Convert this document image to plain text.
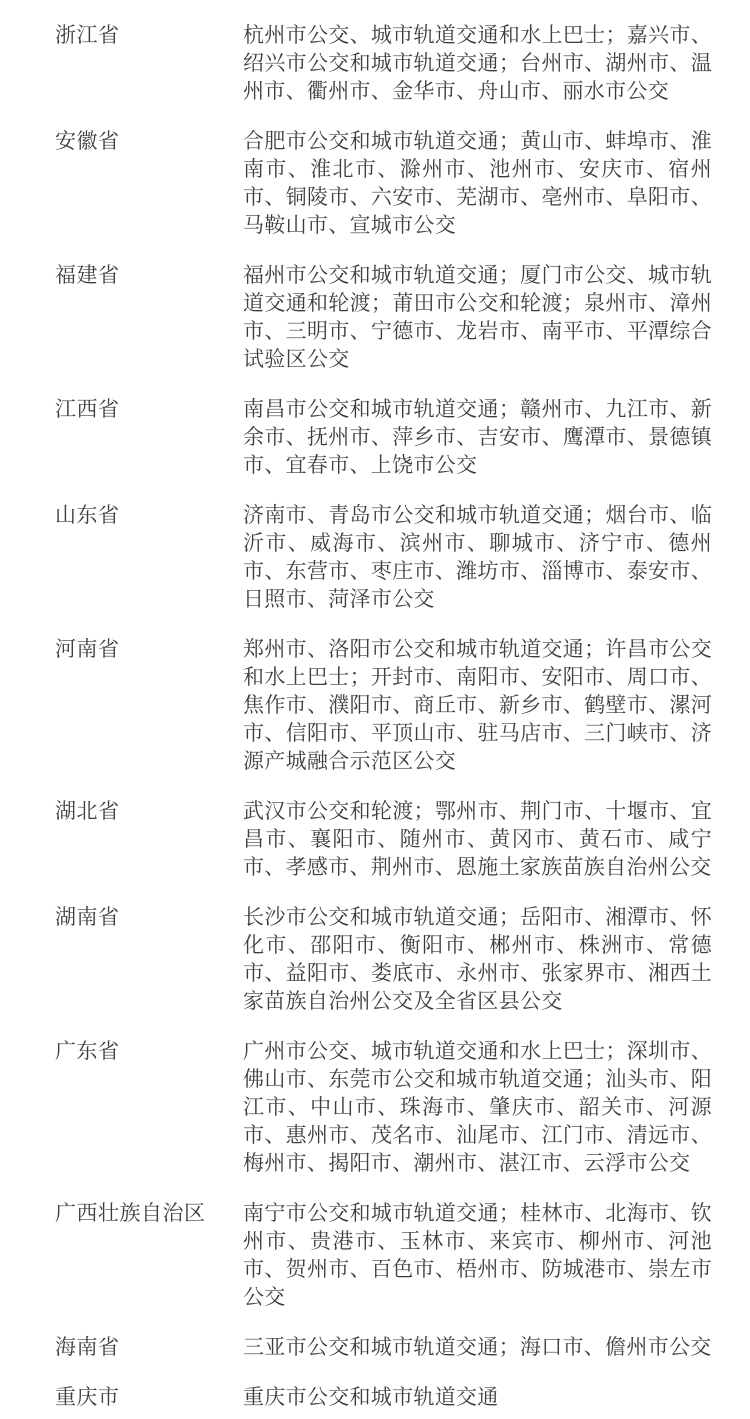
浙江省	杭州市公交、城市轨道交通和水上巴士；嘉兴市、绍兴市公交和城市轨道交通；台州市、湖州市、温州市、衢州市、金华市、舟山市、丽水市公交
安徽省	合肥市公交和城市轨道交通；黄山市、蚌埠市、淮南市、淮北市、滁州市、池州市、安庆市、宿州市、铜陵市、六安市、芜湖市、亳州市、阜阳市、马鞍山市、宣城市公交
福建省	福州市公交和城市轨道交通；厦门市公交、城市轨道交通和轮渡；莆田市公交和轮渡；泉州市、漳州市、三明市、宁德市、龙岩市、南平市、平潭综合试验区公交
江西省	南昌市公交和城市轨道交通；赣州市、九江市、新余市、抚州市、萍乡市、吉安市、鹰潭市、景德镇市、宜春市、上饶市公交
山东省	济南市、青岛市公交和城市轨道交通；烟台市、临沂市、威海市、滨州市、聊城市、济宁市、德州市、东营市、枣庄市、潍坊市、淄博市、泰安市、日照市、菏泽市公交
河南省	郑州市、洛阳市公交和城市轨道交通；许昌市公交和水上巴士；开封市、南阳市、安阳市、周口市、焦作市、濮阳市、商丘市、新乡市、鹤壁市、漯河市、信阳市、平顶山市、驻马店市、三门峡市、济源产城融合示范区公交
湖北省	武汉市公交和轮渡；鄂州市、荆门市、十堰市、宜昌市、襄阳市、随州市、黄冈市、黄石市、咸宁市、孝感市、荆州市、恩施土家族苗族自治州公交
湖南省	长沙市公交和城市轨道交通；岳阳市、湘潭市、怀化市、邵阳市、衡阳市、郴州市、株洲市、常德市、益阳市、娄底市、永州市、张家界市、湘西土家苗族自治州公交及全省区县公交
广东省	广州市公交、城市轨道交通和水上巴士；深圳市、佛山市、东莞市公交和城市轨道交通；汕头市、阳江市、中山市、珠海市、肇庆市、韶关市、河源市、惠州市、茂名市、汕尾市、江门市、清远市、梅州市、揭阳市、潮州市、湛江市、云浮市公交
广西壮族自治区	南宁市公交和城市轨道交通；桂林市、北海市、钦州市、贵港市、玉林市、来宾市、柳州市、河池市、贺州市、百色市、梧州市、防城港市、崇左市公交
海南省	三亚市公交和城市轨道交通；海口市、儋州市公交
重庆市	重庆市公交和城市轨道交通
